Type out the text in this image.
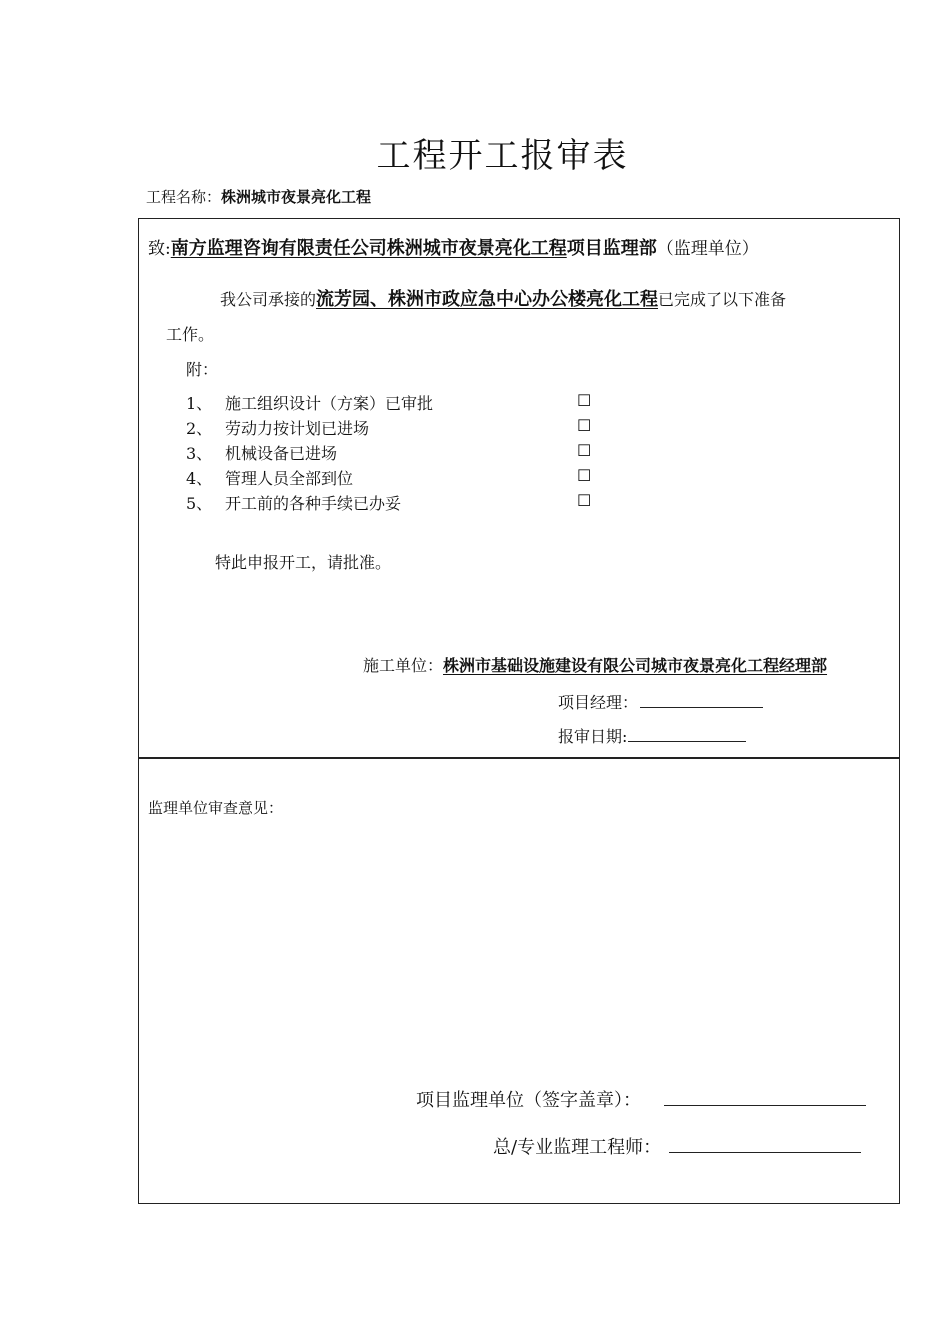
工程开工报审表
工程名称：株洲城市夜景亮化工程
致:南方监理咨询有限责任公司株洲城市夜景亮化工程项目监理部（监理单位）
我公司承接的流芳园、株洲市政应急中心办公楼亮化工程已完成了以下准备
工作。
附：
1、 施工组织设计（方案）已审批	☐
2、 劳动力按计划已进场	☐
3、 机械设备已进场	☐
4、 管理人员全部到位	☐
5、 开工前的各种手续已办妥	☐
特此申报开工，请批准。
施工单位：株洲市基础设施建设有限公司城市夜景亮化工程经理部
项目经理：
报审日期:
监理单位审查意见：
项目监理单位（签字盖章）：
总/专业监理工程师：
